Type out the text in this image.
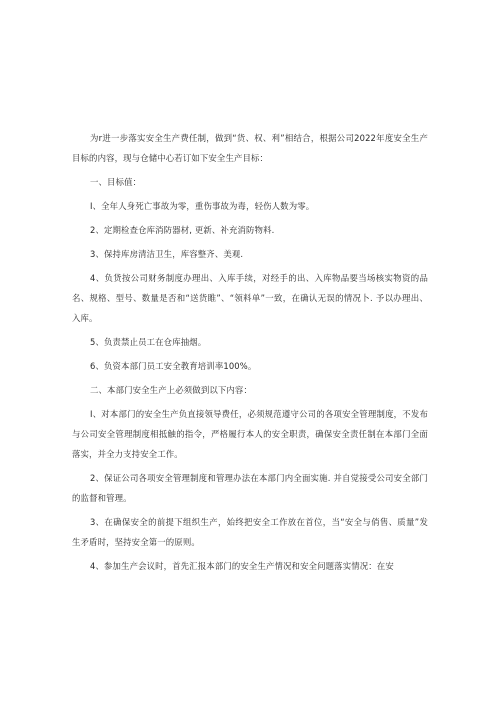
为r进一步落实安全生产费任制，做到“货、权、利”相结合，根据公司2022年度安全生产目标的内容，现与仓储中心若订如下安全生产目标：

一、目标值：

I、全年人身死亡事故为零，重伤事故为毒，轻伤人数为零。

2、定期检查仓库消防器材, 更新、补充消防物料.

3、保持库房清洁卫生，库容整齐、美观.

4、负货按公司财务制度办理出、入库手续，对经手的出、入库物品要当场核实物资的品名、规格、型号、数量是否和“送货睢”、“领料单”一致，在确认无误的情况卜. 予以办理出、入库。

5、负责禁止员工在仓库抽烟。

6、负资本部门员工安全教育培训率100%。

二、本部门安全生产上必须做到以下内容：

I、对本部门的安全生产负直接领导费任，必须规范遵守公司的各项安全管理制度，不发布与公司安全管理制度相抵触的指令，严格履行本人的安全职责，确保安全责任制在本部门全面落实，并全力支持安全工作。

2、保证公司各项安全管理制度和管理办法在本部门内全面实施. 并自觉接受公司安全部门的监督和管理。

3、在确保安全的前提下组织生产，始终把安全工作放在首位，当“安全与俏售、质量”发生矛盾时，坚持安全第一的原则。

4、参加生产会议时，首先汇报本部门的安全生产情况和安全问题落实情况：在安
